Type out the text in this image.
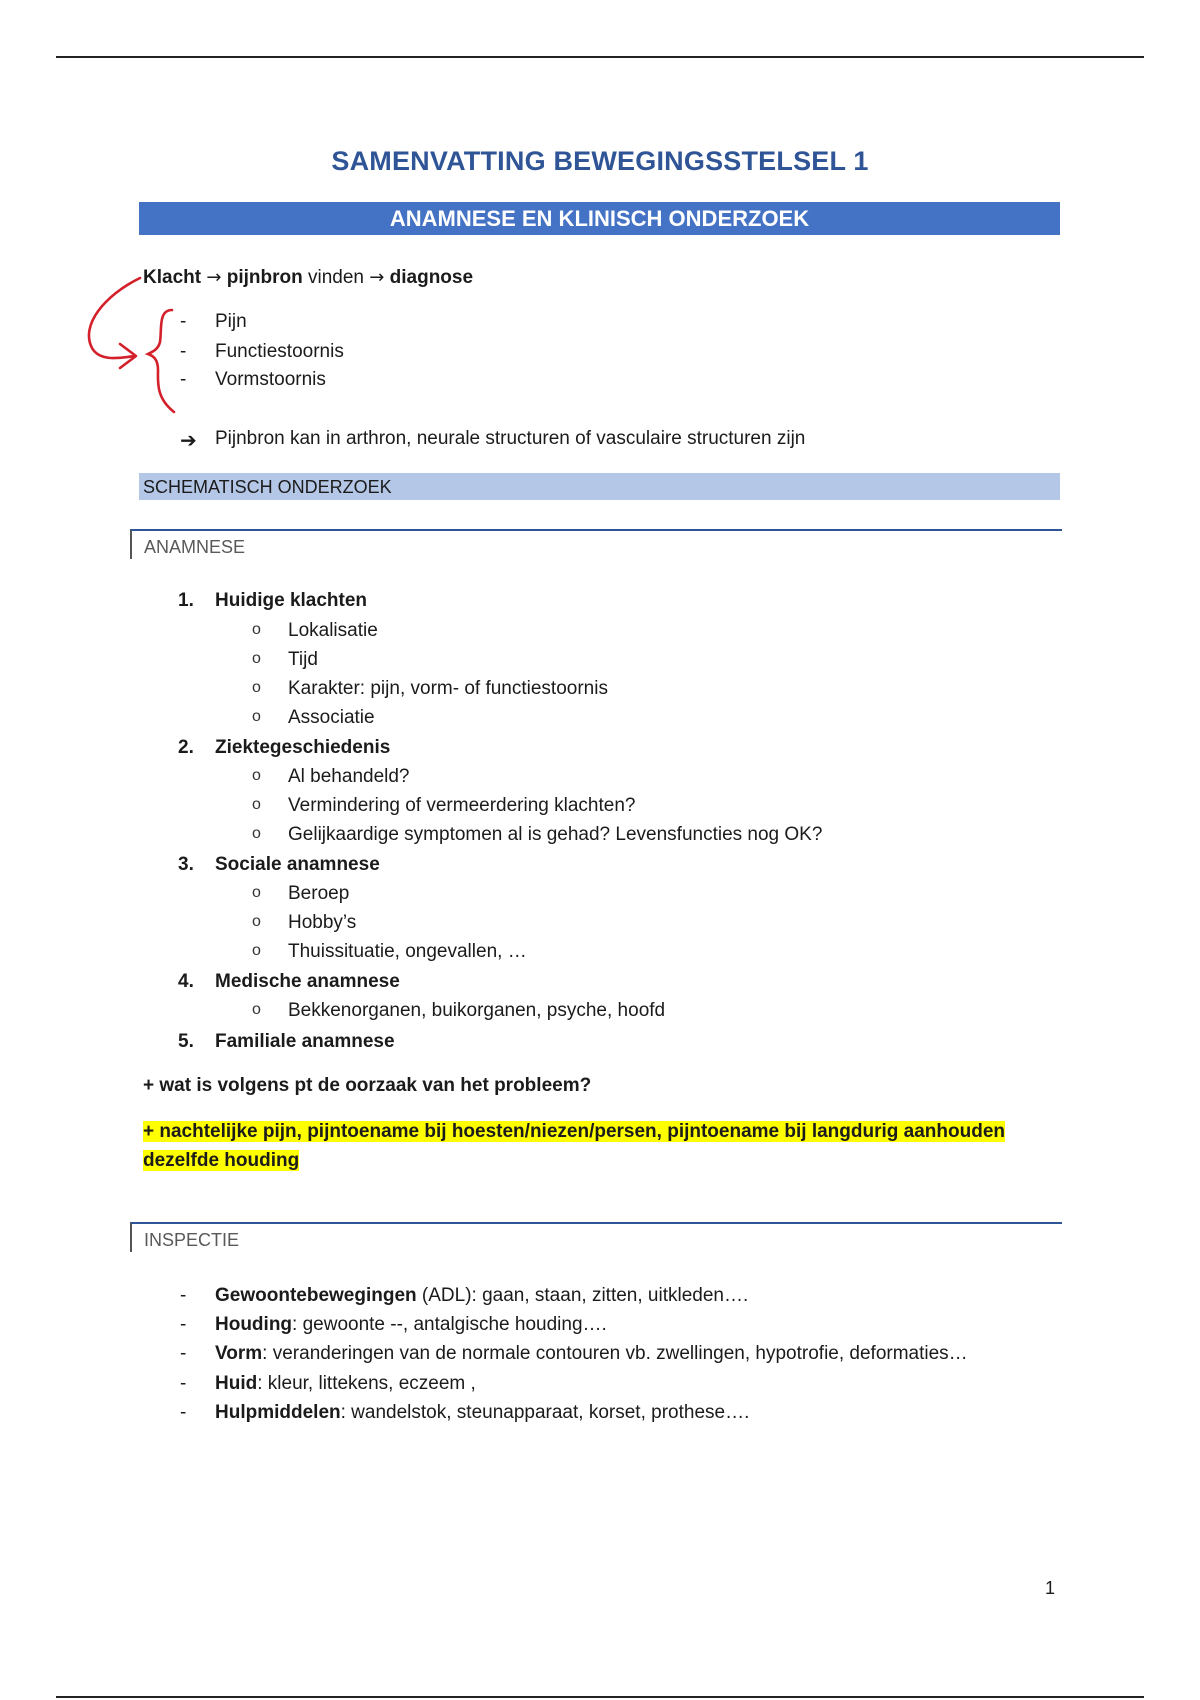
SAMENVATTING BEWEGINGSSTELSEL 1
ANAMNESE EN KLINISCH ONDERZOEK
Klacht → pijnbron vinden → diagnose
- Pijn
- Functiestoornis
- Vormstoornis
➔ Pijnbron kan in arthron, neurale structuren of vasculaire structuren zijn
SCHEMATISCH ONDERZOEK
ANAMNESE
1. Huidige klachten
o Lokalisatie
o Tijd
o Karakter: pijn, vorm- of functiestoornis
o Associatie
2. Ziektegeschiedenis
o Al behandeld?
o Vermindering of vermeerdering klachten?
o Gelijkaardige symptomen al is gehad? Levensfuncties nog OK?
3. Sociale anamnese
o Beroep
o Hobby’s
o Thuissituatie, ongevallen, …
4. Medische anamnese
o Bekkenorganen, buikorganen, psyche, hoofd
5. Familiale anamnese
+ wat is volgens pt de oorzaak van het probleem?
+ nachtelijke pijn, pijntoename bij hoesten/niezen/persen, pijntoename bij langdurig aanhouden
dezelfde houding
INSPECTIE
- Gewoontebewegingen (ADL): gaan, staan, zitten, uitkleden….
- Houding: gewoonte --, antalgische houding….
- Vorm: veranderingen van de normale contouren vb. zwellingen, hypotrofie, deformaties…
- Huid: kleur, littekens, eczeem ,
- Hulpmiddelen: wandelstok, steunapparaat, korset, prothese….
1
